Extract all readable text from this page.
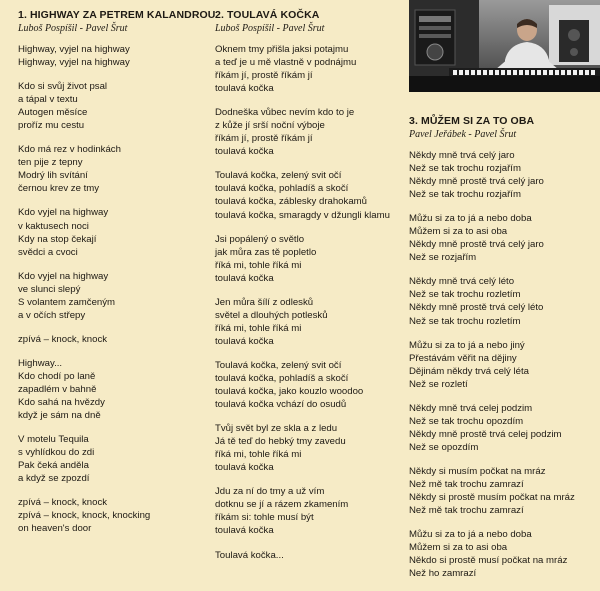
1. HIGHWAY ZA PETREM KALANDROU
Luboš Pospíšil - Pavel Šrut
Highway, vyjel na highway
Highway, vyjel na highway
Kdo si svůj život psal
a tápal v textu
Autogen měsíce
proříz mu cestu
Kdo má rez v hodinkách
ten pije z tepny
Modrý lih svítání
černou krev ze tmy
Kdo vyjel na highway
v kaktusech noci
Kdy na stop čekají
svědci a cvoci
Kdo vyjel na highway
ve slunci slepý
S volantem zamčeným
a v očích střepy
zpívá – knock, knock
Highway...
Kdo chodí po laně
zapadlém v bahně
Kdo sahá na hvězdy
když je sám na dně
V motelu Tequila
s vyhlídkou do zdi
Pak čeká anděla
a když se zpozdí
zpívá – knock, knock
zpívá – knock, knock, knocking
on heaven's door
2. TOULAVÁ KOČKA
Luboš Pospíšil - Pavel Šrut
Oknem tmy přišla jaksi potajmu
a teď je u mě vlastně v podnájmu
říkám jí, prostě říkám jí
toulavá kočka
Dodneška vůbec nevím kdo to je
z kůže jí srší noční výboje
říkám jí, prostě říkám jí
toulavá kočka
Toulavá kočka, zelený svit očí
toulavá kočka, pohladíš a skočí
toulavá kočka, záblesky drahokamů
toulavá kočka, smaragdy v džungli klamu
Jsi popálený o světlo
jak můra zas tě popletlo
říká mi, tohle říká mi
toulavá kočka
Jen můra šílí z odlesků
světel a dlouhých potlesků
říká mi, tohle říká mi
toulavá kočka
Toulavá kočka, zelený svit očí
toulavá kočka, pohladíš a skočí
toulavá kočka, jako kouzlo woodoo
toulavá kočka vchází do osudů
Tvůj svět byl ze skla a z ledu
Já tě teď do hebký tmy zavedu
říká mi, tohle říká mi
toulavá kočka
Jdu za ní do tmy a už vím
dotknu se jí a rázem zkamením
říkám si: tohle musí být
toulavá kočka
Toulavá kočka...
3. MŮŽEM SI ZA TO OBA
Pavel Jeřábek - Pavel Šrut
Někdy mně trvá celý jaro
Než se tak trochu rozjařím
Někdy mně prostě trvá celý jaro
Než se tak trochu rozjařím
Můžu si za to já a nebo doba
Můžem si za to asi oba
Někdy mně prostě trvá celý jaro
Než se rozjařím
Někdy mně trvá celý léto
Než se tak trochu rozletím
Někdy mně prostě trvá celý léto
Než se tak trochu rozletím
Můžu si za to já a nebo jiný
Přestávám věřit na dějiny
Dějinám někdy trvá celý léta
Než se rozletí
Někdy mně trvá celej podzim
Než se tak trochu opozdím
Někdy mně prostě trvá celej podzim
Než se opozdím
Někdy si musím počkat na mráz
Než mě tak trochu zamrazí
Někdy si prostě musím počkat na mráz
Než mě tak trochu zamrazí
Můžu si za to já a nebo doba
Můžem si za to asi oba
Někdo si prostě musí počkat na mráz
Než ho zamrazí
